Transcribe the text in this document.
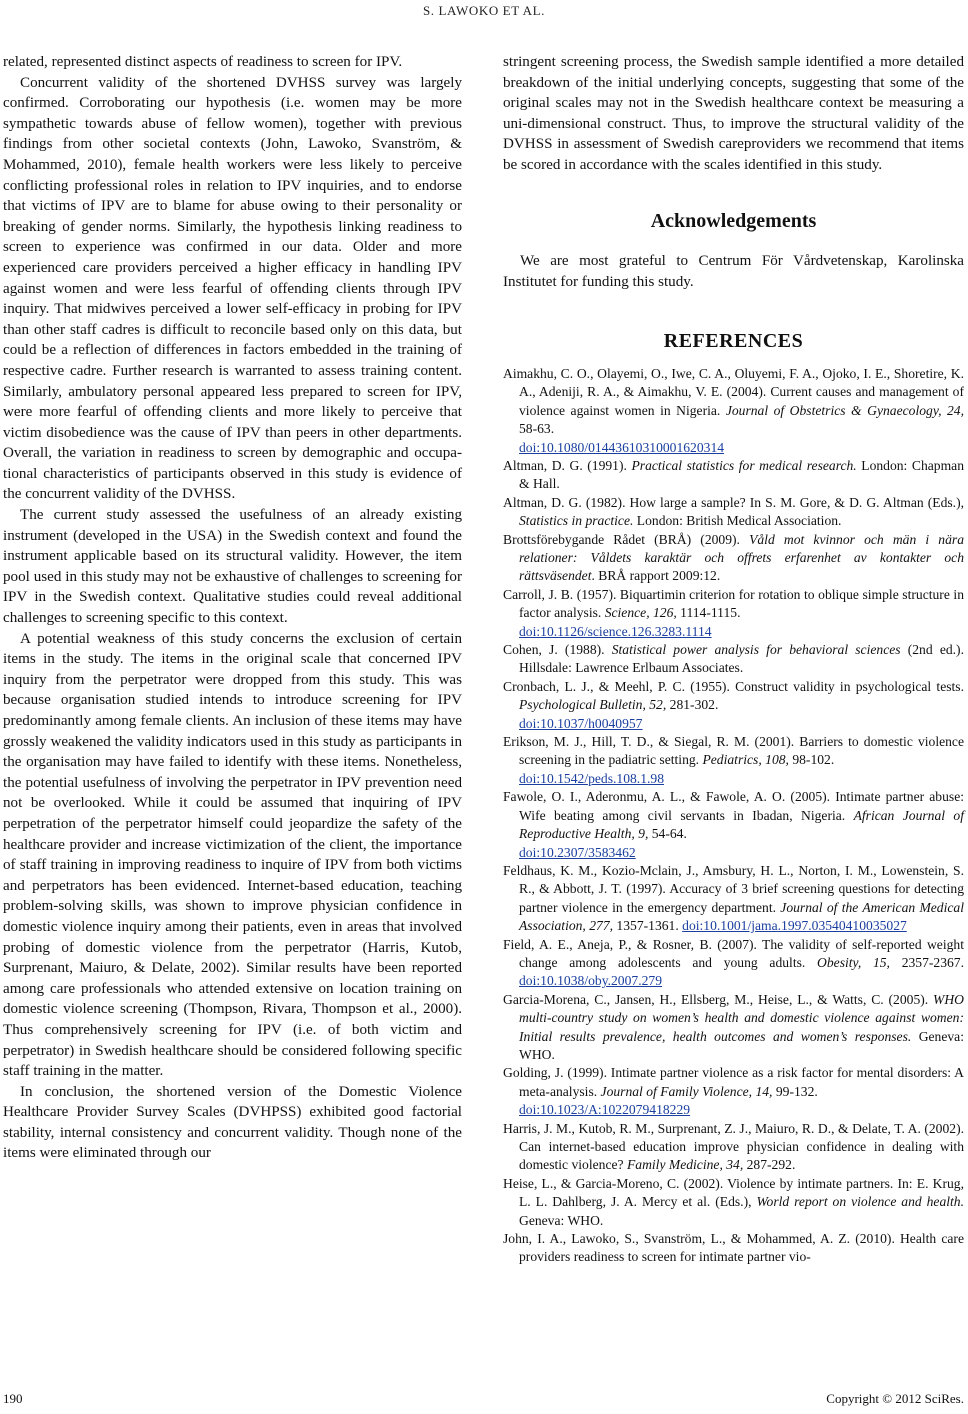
S. LAWOKO ET AL.

related, represented distinct aspects of readiness to screen for IPV.

Concurrent validity of the shortened DVHSS survey was largely confirmed. Corroborating our hypothesis (i.e. women may be more sympathetic towards abuse of fellow women), together with previous findings from other societal contexts (John, Lawoko, Svanström, & Mohammed, 2010), female health workers were less likely to perceive conflicting professional roles in relation to IPV inquiries, and to endorse that victims of IPV are to blame for abuse owing to their personality or breaking of gender norms. Similarly, the hypothesis linking readiness to screen to experience was confirmed in our data. Older and more experienced care providers perceived a higher efficacy in handling IPV against women and were less fearful of offending clients through IPV inquiry. That midwives perceived a lower self-efficacy in probing for IPV than other staff cadres is difficult to reconcile based only on this data, but could be a reflection of differences in factors embedded in the training of respective cadre. Further research is warranted to assess training content. Similarly, ambulatory personal appeared less prepared to screen for IPV, were more fearful of offending clients and more likely to perceive that victim disobedience was the cause of IPV than peers in other departments. Overall, the variation in readiness to screen by demographic and occupational characteristics of participants observed in this study is evidence of the concurrent validity of the DVHSS.

The current study assessed the usefulness of an already existing instrument (developed in the USA) in the Swedish context and found the instrument applicable based on its structural validity. However, the item pool used in this study may not be exhaustive of challenges to screening for IPV in the Swedish context. Qualitative studies could reveal additional challenges to screening specific to this context.

A potential weakness of this study concerns the exclusion of certain items in the study. The items in the original scale that concerned IPV inquiry from the perpetrator were dropped from this study. This was because organisation studied intends to introduce screening for IPV predominantly among female clients. An inclusion of these items may have grossly weakened the validity indicators used in this study as participants in the organisation may have failed to identify with these items. Nonetheless, the potential usefulness of involving the perpetrator in IPV prevention need not be overlooked. While it could be assumed that inquiring of IPV perpetration of the perpetrator himself could jeopardize the safety of the healthcare provider and increase victimization of the client, the importance of staff training in improving readiness to inquire of IPV from both victims and perpetrators has been evidenced. Internet-based education, teaching problem-solving skills, was shown to improve physician confidence in domestic violence inquiry among their patients, even in areas that involved probing of domestic violence from the perpetrator (Harris, Kutob, Surprenant, Maiuro, & Delate, 2002). Similar results have been reported among care professionals who attended extensive on location training on domestic violence screening (Thompson, Rivara, Thompson et al., 2000). Thus comprehensively screening for IPV (i.e. of both victim and perpetrator) in Swedish healthcare should be considered following specific staff training in the matter.

In conclusion, the shortened version of the Domestic Violence Healthcare Provider Survey Scales (DVHPSS) exhibited good factorial stability, internal consistency and concurrent validity. Though none of the items were eliminated through our

stringent screening process, the Swedish sample identified a more detailed breakdown of the initial underlying concepts, suggesting that some of the original scales may not in the Swedish healthcare context be measuring a uni-dimensional construct. Thus, to improve the structural validity of the DVHSS in assessment of Swedish careproviders we recommend that items be scored in accordance with the scales identified in this study.

Acknowledgements

We are most grateful to Centrum För Vårdvetenskap, Karolinska Institutet for funding this study.

REFERENCES

Aimakhu, C. O., Olayemi, O., Iwe, C. A., Oluyemi, F. A., Ojoko, I. E., Shoretire, K. A., Adeniji, R. A., & Aimakhu, V. E. (2004). Current causes and management of violence against women in Nigeria. Journal of Obstetrics & Gynaecology, 24, 58-63.
doi:10.1080/01443610310001620314

Altman, D. G. (1991). Practical statistics for medical research. London: Chapman & Hall.

Altman, D. G. (1982). How large a sample? In S. M. Gore, & D. G. Altman (Eds.), Statistics in practice. London: British Medical Association.

Brottsförebygande Rådet (BRÅ) (2009). Våld mot kvinnor och män i nära relationer: Våldets karaktär och offrets erfarenhet av kontakter och rättsväsendet. BRÅ rapport 2009:12.

Carroll, J. B. (1957). Biquartimin criterion for rotation to oblique simple structure in factor analysis. Science, 126, 1114-1115.
doi:10.1126/science.126.3283.1114

Cohen, J. (1988). Statistical power analysis for behavioral sciences (2nd ed.). Hillsdale: Lawrence Erlbaum Associates.

Cronbach, L. J., & Meehl, P. C. (1955). Construct validity in psychological tests. Psychological Bulletin, 52, 281-302.
doi:10.1037/h0040957

Erikson, M. J., Hill, T. D., & Siegal, R. M. (2001). Barriers to domestic violence screening in the padiatric setting. Pediatrics, 108, 98-102.
doi:10.1542/peds.108.1.98

Fawole, O. I., Aderonmu, A. L., & Fawole, A. O. (2005). Intimate partner abuse: Wife beating among civil servants in Ibadan, Nigeria. African Journal of Reproductive Health, 9, 54-64.
doi:10.2307/3583462

Feldhaus, K. M., Kozio-Mclain, J., Amsbury, H. L., Norton, I. M., Lowenstein, S. R., & Abbott, J. T. (1997). Accuracy of 3 brief screening questions for detecting partner violence in the emergency department. Journal of the American Medical Association, 277, 1357-1361. doi:10.1001/jama.1997.03540410035027

Field, A. E., Aneja, P., & Rosner, B. (2007). The validity of self-reported weight change among adolescents and young adults. Obesity, 15, 2357-2367. doi:10.1038/oby.2007.279

Garcia-Morena, C., Jansen, H., Ellsberg, M., Heise, L., & Watts, C. (2005). WHO multi-country study on women’s health and domestic violence against women: Initial results prevalence, health outcomes and women’s responses. Geneva: WHO.

Golding, J. (1999). Intimate partner violence as a risk factor for mental disorders: A meta-analysis. Journal of Family Violence, 14, 99-132.
doi:10.1023/A:1022079418229

Harris, J. M., Kutob, R. M., Surprenant, Z. J., Maiuro, R. D., & Delate, T. A. (2002). Can internet-based education improve physician confidence in dealing with domestic violence? Family Medicine, 34, 287-292.

Heise, L., & Garcia-Moreno, C. (2002). Violence by intimate partners. In: E. Krug, L. L. Dahlberg, J. A. Mercy et al. (Eds.), World report on violence and health. Geneva: WHO.

John, I. A., Lawoko, S., Svanström, L., & Mohammed, A. Z. (2010). Health care providers readiness to screen for intimate partner vio-

190	Copyright © 2012 SciRes.
